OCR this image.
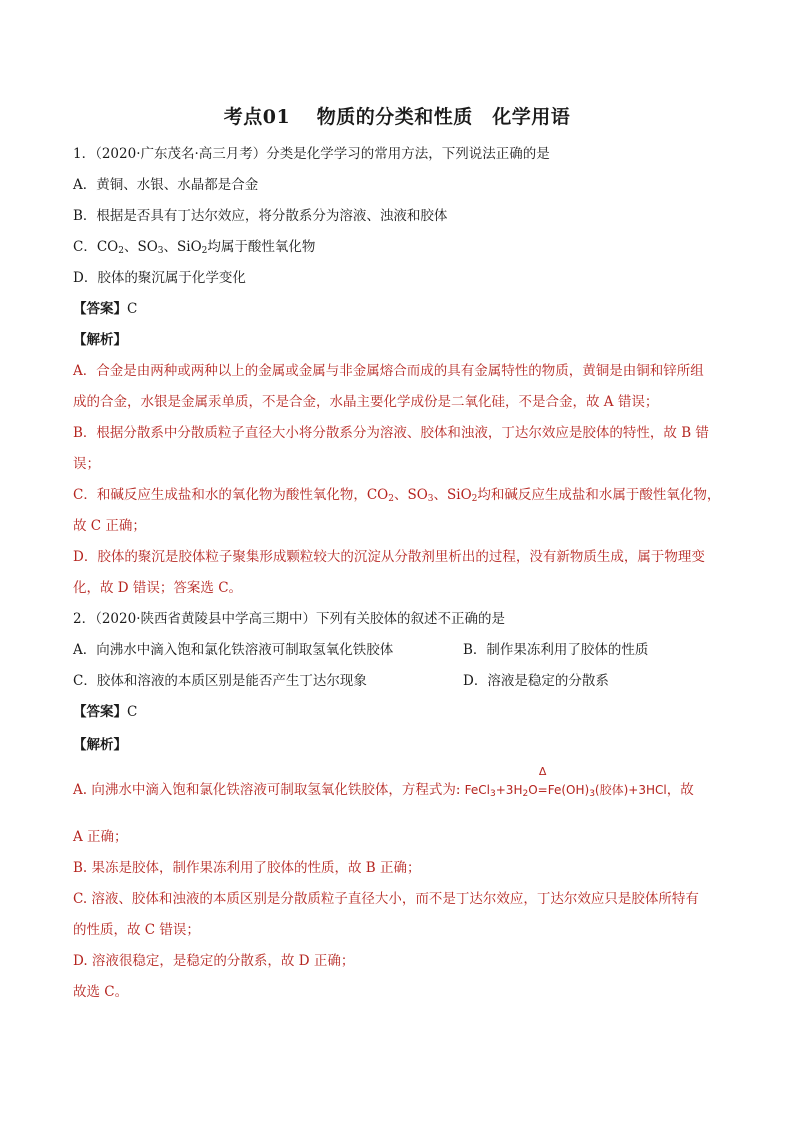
考点01　 物质的分类和性质　化学用语
1．（2020·广东茂名·高三月考）分类是化学学习的常用方法，下列说法正确的是
A．黄铜、水银、水晶都是合金
B．根据是否具有丁达尔效应，将分散系分为溶液、浊液和胶体
C．$CO_2$、$SO_3$、SiO$_2$均属于酸性氧化物
D．胶体的聚沉属于化学变化
【答案】C
【解析】
A．合金是由两种或两种以上的金属或金属与非金属熔合而成的具有金属特性的物质，黄铜是由铜和锌所组
成的合金，水银是金属汞单质，不是合金，水晶主要化学成份是二氧化硅，不是合金，故 A 错误；
B．根据分散系中分散质粒子直径大小将分散系分为溶液、胶体和浊液，丁达尔效应是胶体的特性，故 B 错
误；
C．和碱反应生成盐和水的氧化物为酸性氧化物，$CO_2$、$SO_3$、SiO$_2$均和碱反应生成盐和水属于酸性氧化物，
故 C 正确；
D．胶体的聚沉是胶体粒子聚集形成颗粒较大的沉淀从分散剂里析出的过程，没有新物质生成，属于物理变
化，故 D 错误；答案选 C。
2．（2020·陕西省黄陵县中学高三期中）下列有关胶体的叙述不正确的是
A．向沸水中滴入饱和氯化铁溶液可制取氢氧化铁胶体	B．制作果冻利用了胶体的性质
C．胶体和溶液的本质区别是能否产生丁达尔现象	D．溶液是稳定的分散系
【答案】C
【解析】
A. 向沸水中滴入饱和氯化铁溶液可制取氢氧化铁胶体，方程式为: $FeCl_3+3H_2O$
Δ
$=Fe(OH)_3$(胶体)+3HCl，故
A 正确；
B. 果冻是胶体，制作果冻利用了胶体的性质，故 B 正确；
C. 溶液、胶体和浊液的本质区别是分散质粒子直径大小，而不是丁达尔效应，丁达尔效应只是胶体所特有
的性质，故 C 错误；
D. 溶液很稳定，是稳定的分散系，故 D 正确；
故选 C。
